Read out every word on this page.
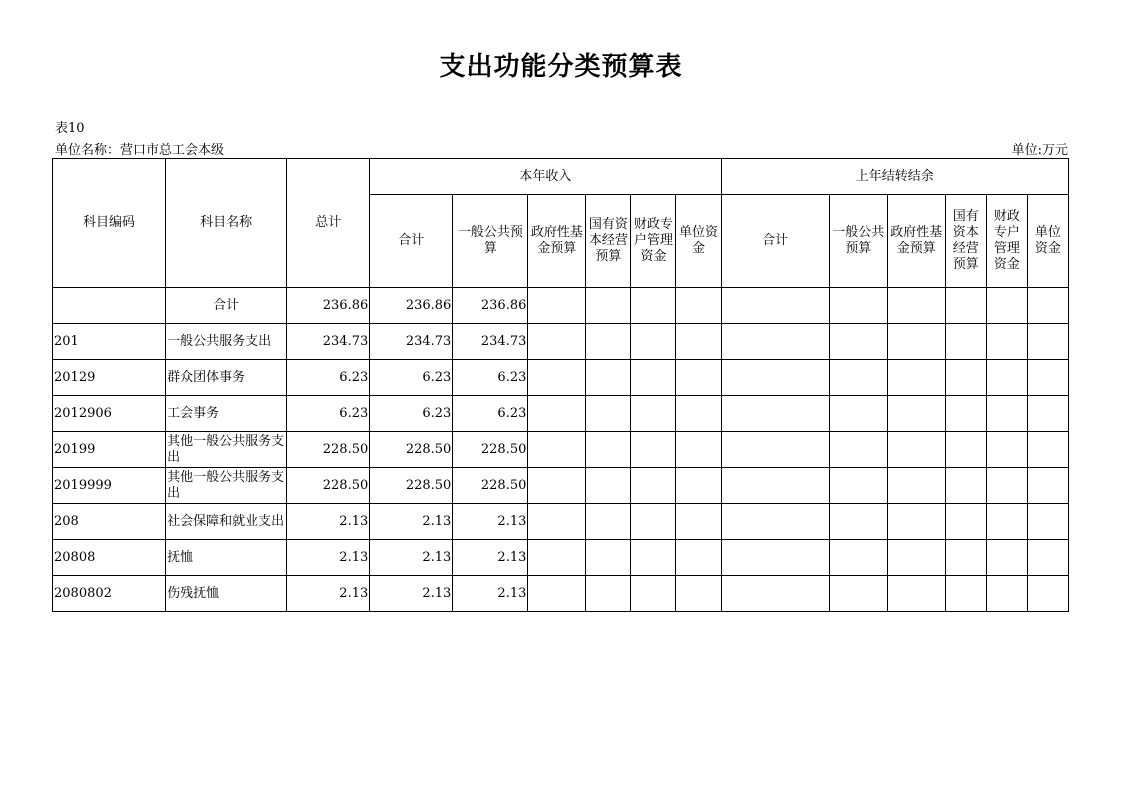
支出功能分类预算表
表10
单位名称：营口市总工会本级	单位:万元
科目编码	科目名称	总计	本年收入						上年结转结余					
			合计	一般公共预算	政府性基金预算	国有资本经营预算	财政专户管理资金	单位资金	合计	一般公共预算	政府性基金预算	国有资本经营预算	财政专户管理资金	单位资金
	合计	236.86	236.86	236.86										
201	一般公共服务支出	234.73	234.73	234.73										
20129	群众团体事务	6.23	6.23	6.23										
2012906	工会事务	6.23	6.23	6.23										
20199	其他一般公共服务支出	228.50	228.50	228.50										
2019999	其他一般公共服务支出	228.50	228.50	228.50										
208	社会保障和就业支出	2.13	2.13	2.13										
20808	抚恤	2.13	2.13	2.13										
2080802	伤残抚恤	2.13	2.13	2.13										
